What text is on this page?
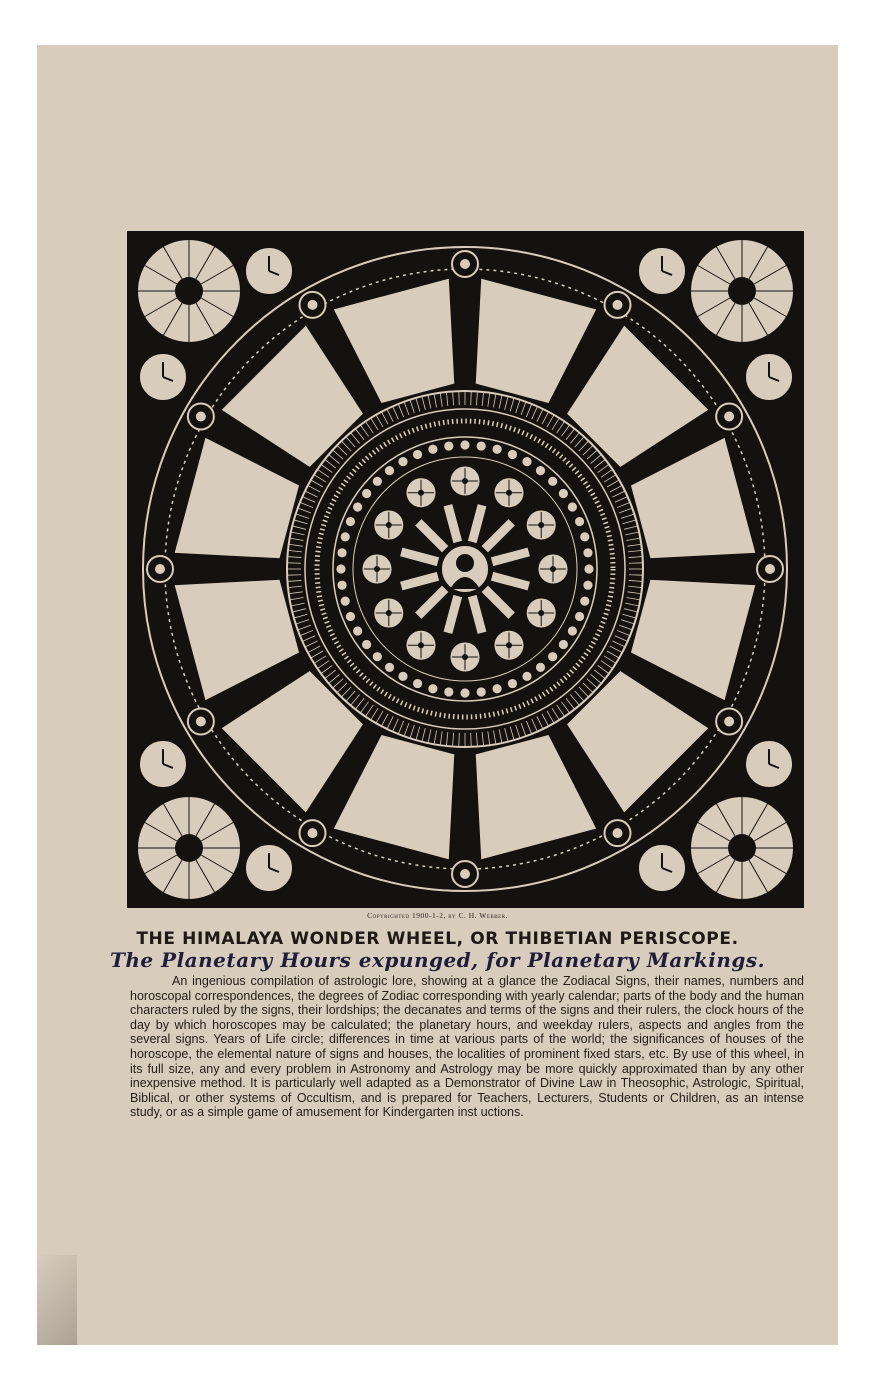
Copyrighted 1900-1-2, by C. H. Webber.
THE HIMALAYA WONDER WHEEL, OR THIBETIAN PERISCOPE.
The Planetary Hours expunged, for Planetary Markings.

An ingenious compilation of astrologic lore, showing at a glance the Zodiacal Signs, their names, numbers and horoscopal correspondences, the degrees of Zodiac corresponding with yearly calendar; parts of the body and the human characters ruled by the signs, their lordships; the decanates and terms of the signs and their rulers, the clock hours of the day by which horoscopes may be calculated; the planetary hours, and weekday rulers, aspects and angles from the several signs. Years of Life circle; differences in time at various parts of the world; the significances of houses of the horoscope, the elemental nature of signs and houses, the localities of prominent fixed stars, etc. By use of this wheel, in its full size, any and every problem in Astronomy and Astrology may be more quickly approximated than by any other inexpensive method. It is particularly well adapted as a Demonstrator of Divine Law in Theosophic, Astrologic, Spiritual, Biblical, or other systems of Occultism, and is prepared for Teachers, Lecturers, Students or Children, as an intense study, or as a simple game of amusement for Kindergarten inst uctions.
